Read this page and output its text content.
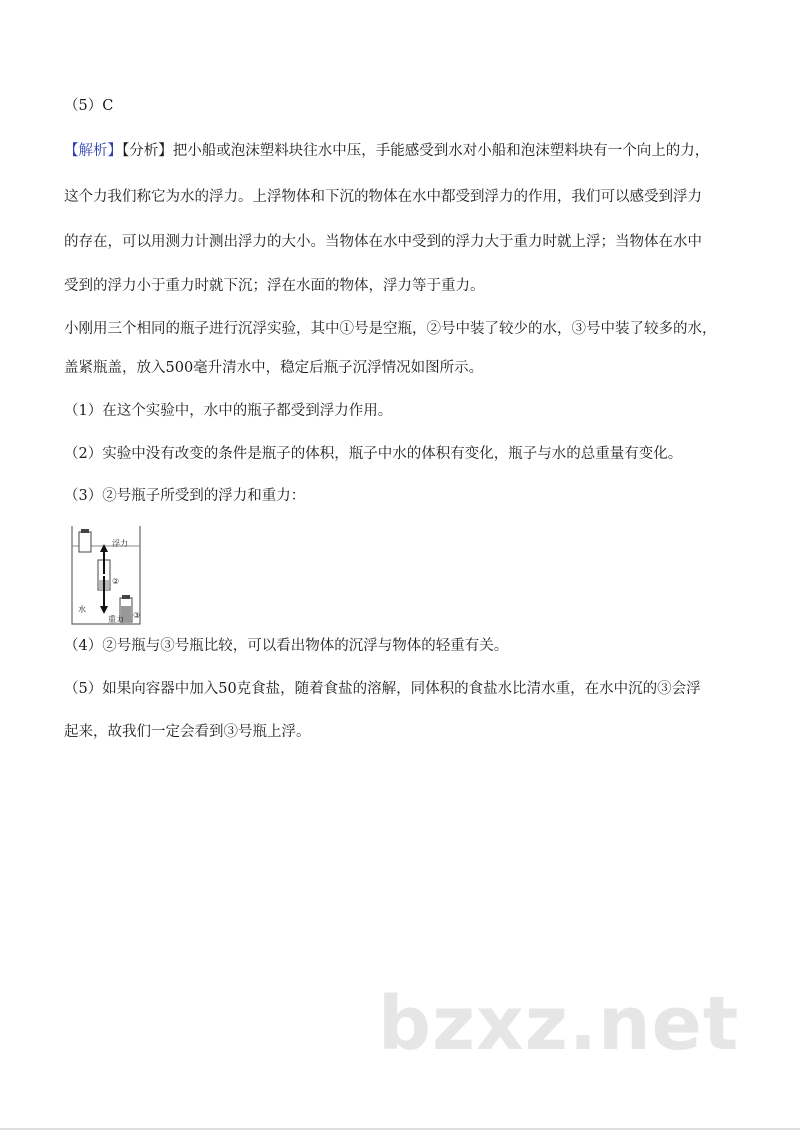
（5）C
【解析】【分析】把小船或泡沫塑料块往水中压，手能感受到水对小船和泡沫塑料块有一个向上的力，
这个力我们称它为水的浮力。上浮物体和下沉的物体在水中都受到浮力的作用，我们可以感受到浮力
的存在，可以用测力计测出浮力的大小。当物体在水中受到的浮力大于重力时就上浮；当物体在水中
受到的浮力小于重力时就下沉；浮在水面的物体，浮力等于重力。
小刚用三个相同的瓶子进行沉浮实验，其中①号是空瓶，②号中装了较少的水，③号中装了较多的水，
盖紧瓶盖，放入500毫升清水中，稳定后瓶子沉浮情况如图所示。
（1）在这个实验中，水中的瓶子都受到浮力作用。
（2）实验中没有改变的条件是瓶子的体积，瓶子中水的体积有变化，瓶子与水的总重量有变化。
（3）②号瓶子所受到的浮力和重力：
浮力
②
③
重力
水
（4）②号瓶与③号瓶比较，可以看出物体的沉浮与物体的轻重有关。
（5）如果向容器中加入50克食盐，随着食盐的溶解，同体积的食盐水比清水重，在水中沉的③会浮
起来，故我们一定会看到③号瓶上浮。
bzxz.net
